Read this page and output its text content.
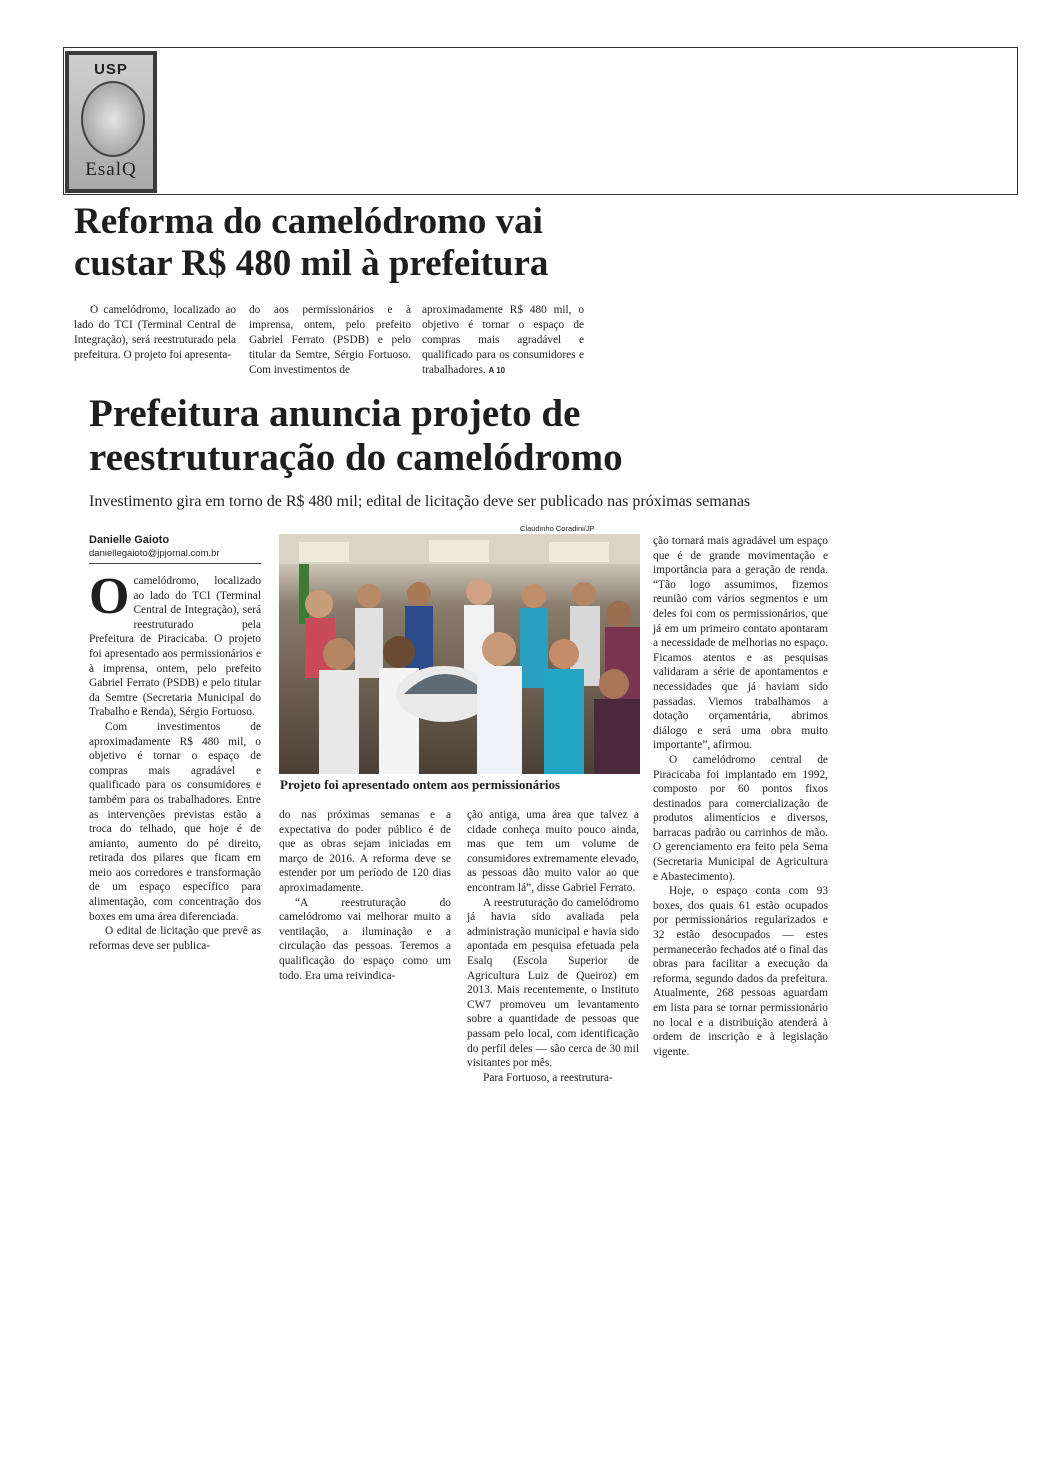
USP
EsalQ
Reforma do camelódromo vai custar R$ 480 mil à prefeitura
O camelódromo, localizado ao lado do TCI (Terminal Central de Integração), será reestruturado pela prefeitura. O projeto foi apresenta-
do aos permissionários e à imprensa, ontem, pelo prefeito Gabriel Ferrato (PSDB) e pelo titular da Semtre, Sérgio Fortuoso. Com investimentos de
aproximadamente R$ 480 mil, o objetivo é tornar o espaço de compras mais agradável e qualificado para os consumidores e trabalhadores. A 10
Prefeitura anuncia projeto de reestruturação do camelódromo
Investimento gira em torno de R$ 480 mil; edital de licitação deve ser publicado nas próximas semanas
Danielle Gaioto
daniellegaioto@jpjornal.com.br

Ocamelódromo, localizado ao lado do TCI (Terminal Central de Integração), será reestruturado pela Prefeitura de Piracicaba. O projeto foi apresentado aos permissionários e à imprensa, ontem, pelo prefeito Gabriel Ferrato (PSDB) e pelo titular da Semtre (Secretaria Municipal do Trabalho e Renda), Sérgio Fortuoso.

Com investimentos de aproximadamente R$ 480 mil, o objetivo é tornar o espaço de compras mais agradável e qualificado para os consumidores e também para os trabalhadores. Entre as intervenções previstas estão a troca do telhado, que hoje é de amianto, aumento do pé direito, retirada dos pilares que ficam em meio aos corredores e transformação de um espaço específico para alimentação, com concentração dos boxes em uma área diferenciada.

O edital de licitação que prevê as reformas deve ser publica-

Claudinho Coradini/JP
Projeto foi apresentado ontem aos permissionários

do nas próximas semanas e a expectativa do poder público é de que as obras sejam iniciadas em março de 2016. A reforma deve se estender por um período de 120 dias aproximadamente.

“A reestruturação do camelódromo vai melhorar muito a ventilação, a iluminação e a circulação das pessoas. Teremos a qualificação do espaço como um todo. Era uma reivindica-

ção antiga, uma área que talvez a cidade conheça muito pouco ainda, mas que tem um volume de consumidores extremamente elevado, as pessoas dão muito valor ao que encontram lá”, disse Gabriel Ferrato.

A reestruturação do camelódromo já havia sido avaliada pela administração municipal e havia sido apontada em pesquisa efetuada pela Esalq (Escola Superior de Agricultura Luiz de Queiroz) em 2013. Mais recentemente, o Instituto CW7 promoveu um levantamento sobre a quantidade de pessoas que passam pelo local, com identificação do perfil deles — são cerca de 30 mil visitantes por mês.

Para Fortuoso, a reestrutura-

ção tornará mais agradável um espaço que é de grande movimentação e importância para a geração de renda. “Tão logo assumimos, fizemos reunião com vários segmentos e um deles foi com os permissionários, que já em um primeiro contato apontaram a necessidade de melhorias no espaço. Ficamos atentos e as pesquisas validaram a série de apontamentos e necessidades que já haviam sido passadas. Viemos trabalhamos a dotação orçamentária, abrimos diálogo e será uma obra muito importante”, afirmou.

O camelódromo central de Piracicaba foi implantado em 1992, composto por 60 pontos fixos destinados para comercialização de produtos alimentícios e diversos, barracas padrão ou carrinhos de mão. O gerenciamento era feito pela Sema (Secretaria Municipal de Agricultura e Abastecimento).

Hoje, o espaço conta com 93 boxes, dos quais 61 estão ocupados por permissionários regularizados e 32 estão desocupados — estes permanecerão fechados até o final das obras para facilitar a execução da reforma, segundo dados da prefeitura. Atualmente, 268 pessoas aguardam em lista para se tornar permissionário no local e a distribuição atenderá à ordem de inscrição e à legislação vigente.
